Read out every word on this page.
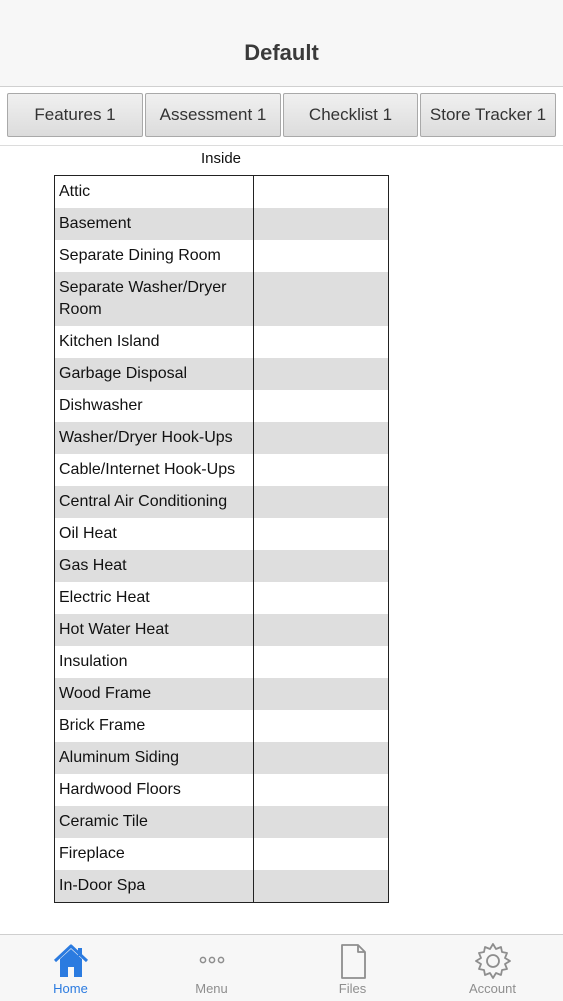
Default
Features 1	Assessment 1	Checklist 1	Store Tracker 1
Inside
Attic
Basement
Separate Dining Room
Separate Washer/Dryer Room
Kitchen Island
Garbage Disposal
Dishwasher
Washer/Dryer Hook-Ups
Cable/Internet Hook-Ups
Central Air Conditioning
Oil Heat
Gas Heat
Electric Heat
Hot Water Heat
Insulation
Wood Frame
Brick Frame
Aluminum Siding
Hardwood Floors
Ceramic Tile
Fireplace
In-Door Spa
Home	Menu	Files	Account
